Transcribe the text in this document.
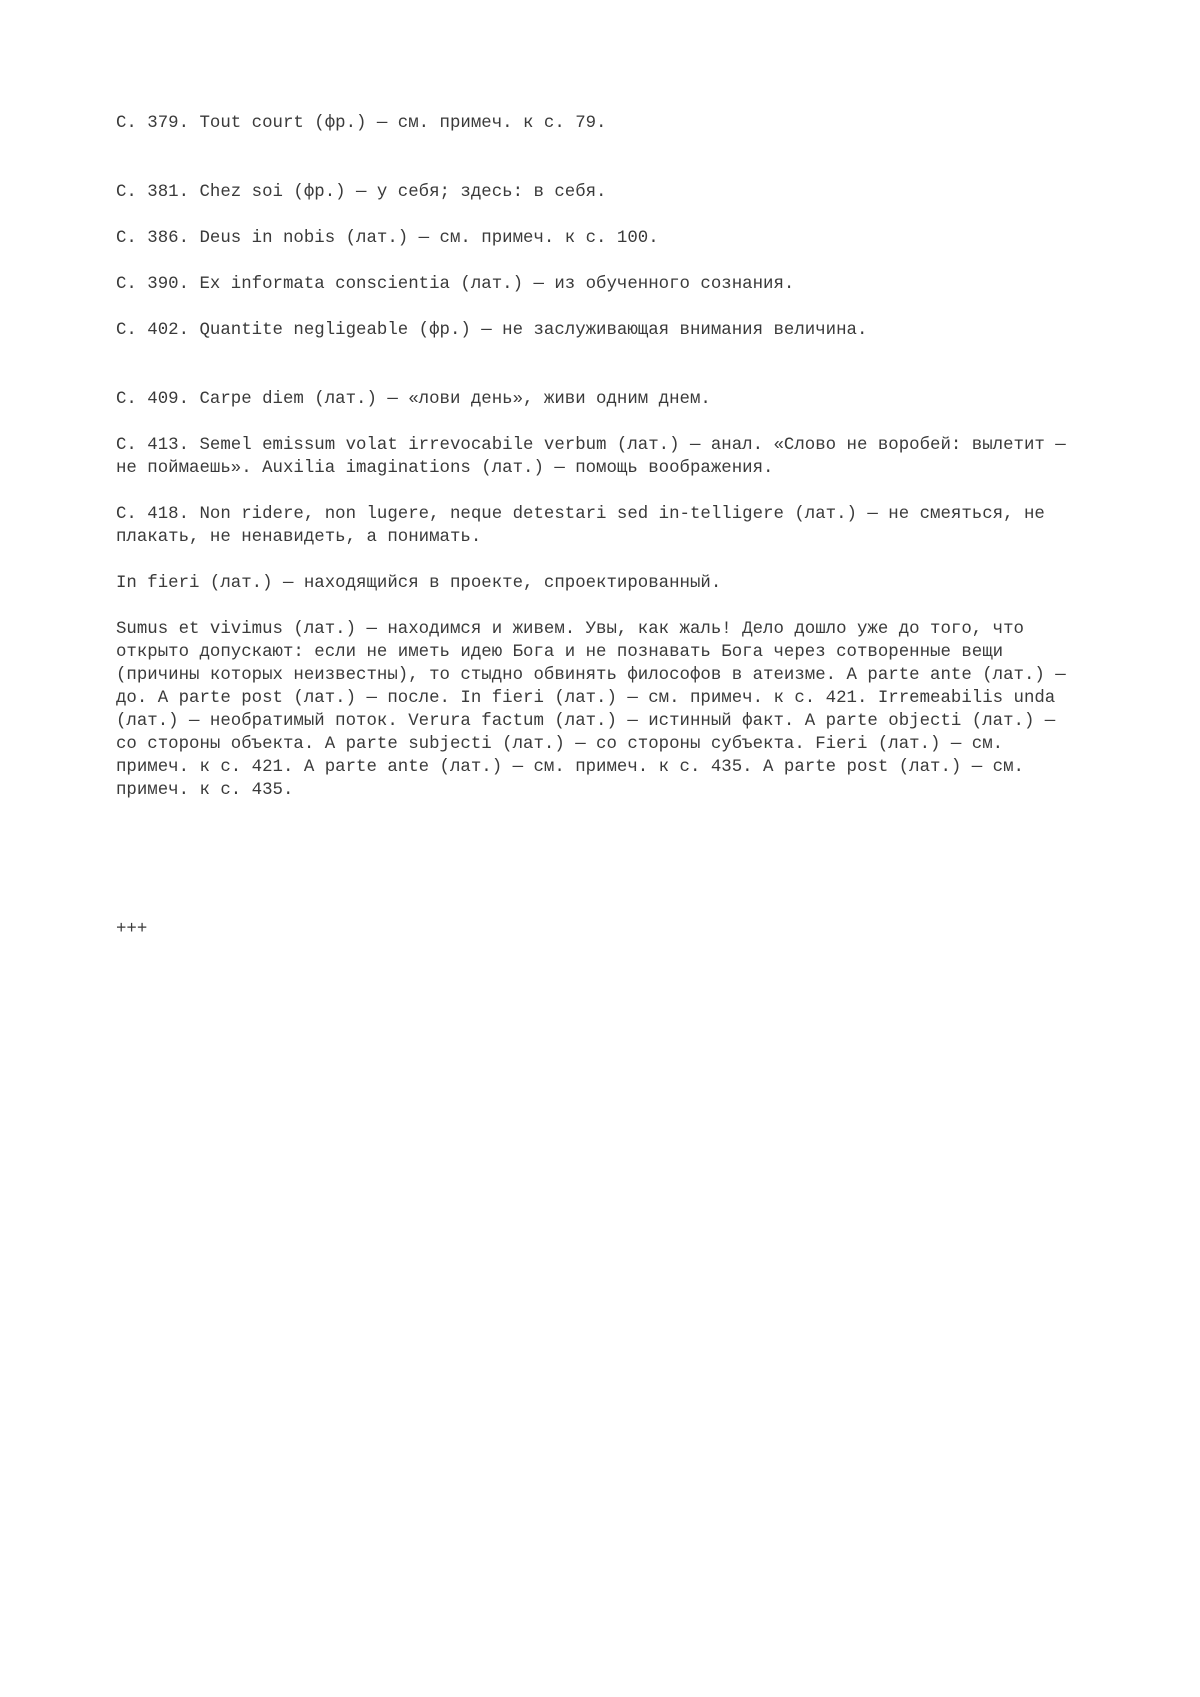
С. 379. Tout court (фр.) — см. примеч. к с. 79.

С. 381. Chez soi (фр.) — у себя; здесь: в себя.

С. 386. Deus in nobis (лат.) — см. примеч. к с. 100.

С. 390. Ex informata conscientia (лат.) — из обученного сознания.

С. 402. Quantite negligeable (фр.) — не заслуживающая внимания величина.

С. 409. Carpe diem (лат.) — «лови день», живи одним днем.

С. 413. Semel emissum volat irrevocabile verbum (лат.) — анал. «Слово не воробей: вылетит — не поймаешь». Auxilia imaginations (лат.) — помощь воображения.

С. 418. Non ridere, non lugere, neque detestari sed in-telligere (лат.) — не смеяться, не плакать, не ненавидеть, а понимать.

In fieri (лат.) — находящийся в проекте, спроектированный.

Sumus et vivimus (лат.) — находимся и живем. Увы, как жаль! Дело дошло уже до того, что открыто допускают: если не иметь идею Бога и не познавать Бога через сотворенные вещи (причины которых неизвестны), то стыдно обвинять философов в атеизме. A parte ante (лат.) — до. A parte post (лат.) — после. In fieri (лат.) — см. примеч. к с. 421. Irremeabilis unda (лат.) — необратимый поток. Verura factum (лат.) — истинный факт. A parte objecti (лат.) — со стороны объекта. A parte subjecti (лат.) — со стороны субъекта. Fieri (лат.) — см. примеч. к с. 421. A parte ante (лат.) — см. примеч. к с. 435. A parte post (лат.) — см. примеч. к с. 435.

+++
